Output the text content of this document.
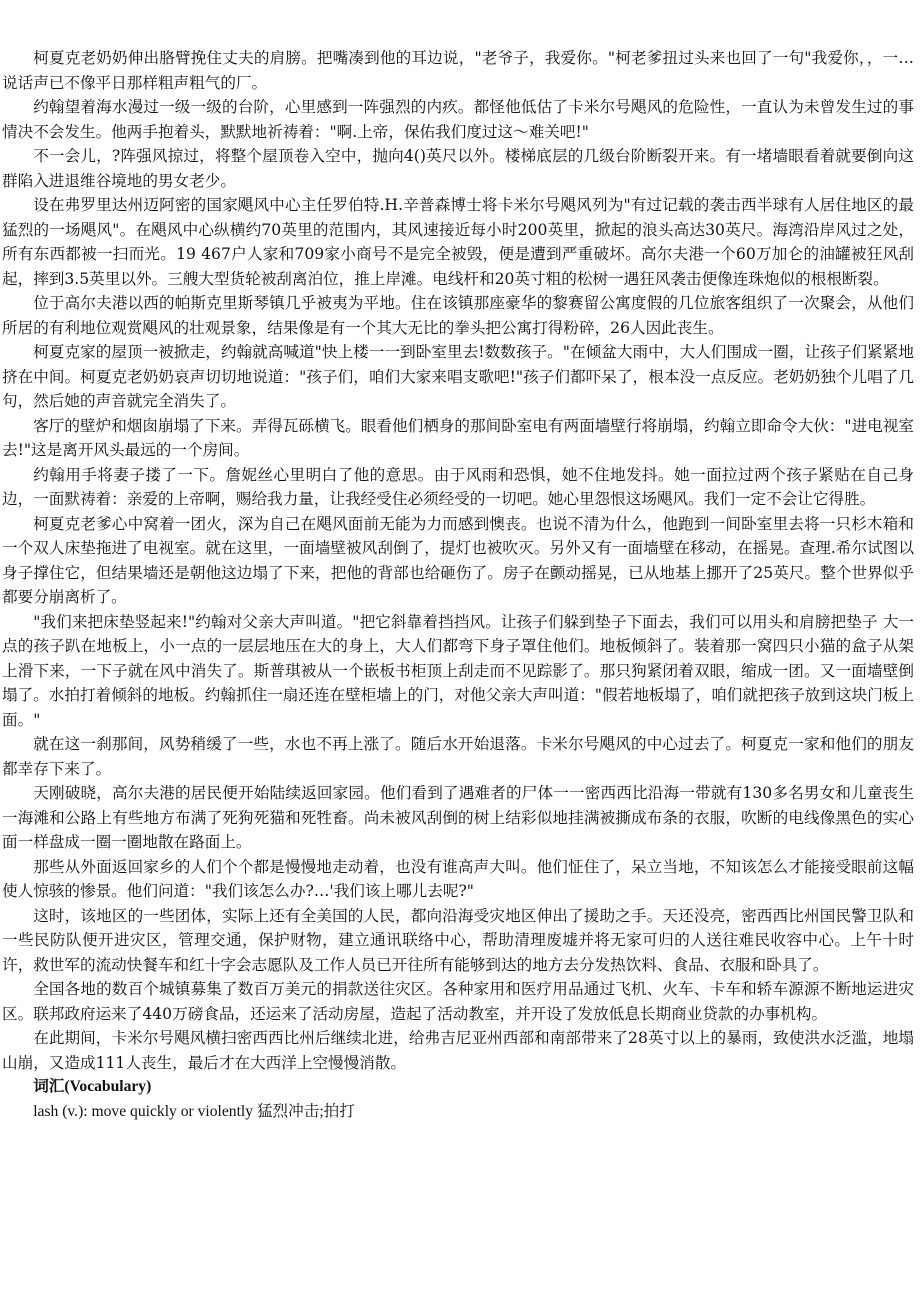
柯夏克老奶奶伸出胳臂挽住丈夫的肩膀。把嘴凑到他的耳边说，"老爷子，我爱你。"柯老爹扭过头来也回了一句"我爱你，，一…说话声已不像平日那样粗声粗气的厂。

约翰望着海水漫过一级一级的台阶，心里感到一阵强烈的内疚。都怪他低估了卡米尔号飓风的危险性，一直认为未曾发生过的事情决不会发生。他两手抱着头，默默地祈祷着："啊.上帝，保佑我们度过这～难关吧!"

不一会儿，?阵强风掠过，将整个屋顶卷入空中，抛向4()英尺以外。楼梯底层的几级台阶断裂开来。有一堵墙眼看着就要倒向这群陷入进退维谷境地的男女老少。

设在弗罗里达州迈阿密的国家飓风中心主任罗伯特.H.辛普森博士将卡米尔号飓风列为"有过记载的袭击西半球有人居住地区的最猛烈的一场飓风"。在飓风中心纵横约70英里的范围内，其风速接近每小时200英里，掀起的浪头高达30英尺。海湾沿岸风过之处，所有东西都被一扫而光。19 467户人家和709家小商号不是完全被毁，便是遭到严重破坏。高尔夫港一个60万加仑的油罐被狂风刮起，摔到3.5英里以外。三艘大型货轮被刮离泊位，推上岸滩。电线杆和20英寸粗的松树一遇狂风袭击便像连珠炮似的根根断裂。

位于高尔夫港以西的帕斯克里斯琴镇几乎被夷为平地。住在该镇那座豪华的黎赛留公寓度假的几位旅客组织了一次聚会，从他们所居的有利地位观赏飓风的壮观景象，结果像是有一个其大无比的拳头把公寓打得粉碎，26人因此丧生。

柯夏克家的屋顶一被掀走，约翰就高喊道"快上楼一一到卧室里去!数数孩子。"在倾盆大雨中，大人们围成一圈，让孩子们紧紧地挤在中间。柯夏克老奶奶哀声切切地说道："孩子们，咱们大家来唱支歌吧!"孩子们都吓呆了，根本没一点反应。老奶奶独个儿唱了几句，然后她的声音就完全消失了。

客厅的壁炉和烟囱崩塌了下来。弄得瓦砾横飞。眼看他们栖身的那间卧室电有两面墙壁行将崩塌，约翰立即命令大伙："进电视室去!"这是离开风头最远的一个房间。

约翰用手将妻子搂了一下。詹妮丝心里明白了他的意思。由于风雨和恐惧，她不住地发抖。她一面拉过两个孩子紧贴在自己身边，一面默祷着：亲爱的上帝啊，赐给我力量，让我经受住必须经受的一切吧。她心里怨恨这场飓风。我们一定不会让它得胜。

柯夏克老爹心中窝着一团火，深为自己在飓风面前无能为力而感到懊丧。也说不清为什么，他跑到一间卧室里去将一只杉木箱和一个双人床垫拖进了电视室。就在这里，一面墙壁被风刮倒了，提灯也被吹灭。另外又有一面墙壁在移动，在摇晃。查理.希尔试图以身子撑住它，但结果墙还是朝他这边塌了下来，把他的背部也给砸伤了。房子在颤动摇晃，已从地基上挪开了25英尺。整个世界似乎都要分崩离析了。

"我们来把床垫竖起来!"约翰对父亲大声叫道。"把它斜靠着挡挡风。让孩子们躲到垫子下面去，我们可以用头和肩膀把垫子 大一点的孩子趴在地板上，小一点的一层层地压在大的身上，大人们都弯下身子罩住他们。地板倾斜了。装着那一窝四只小猫的盒子从架上滑下来，一下子就在风中消失了。斯普琪被从一个嵌板书柜顶上刮走而不见踪影了。那只狗紧闭着双眼，缩成一团。又一面墙壁倒塌了。水拍打着倾斜的地板。约翰抓住一扇还连在壁柜墙上的门，对他父亲大声叫道："假若地板塌了，咱们就把孩子放到这块门板上面。"

就在这一刹那间，风势稍缓了一些，水也不再上涨了。随后水开始退落。卡米尔号飓风的中心过去了。柯夏克一家和他们的朋友都幸存下来了。

天刚破晓，高尔夫港的居民便开始陆续返回家园。他们看到了遇难者的尸体一一密西西比沿海一带就有130多名男女和儿童丧生一海滩和公路上有些地方布满了死狗死猫和死牲畜。尚未被风刮倒的树上结彩似地挂满被撕成布条的衣服，吹断的电线像黑色的实心面一样盘成一圈一圈地散在路面上。

那些从外面返回家乡的人们个个都是慢慢地走动着，也没有谁高声大叫。他们怔住了，呆立当地，不知该怎么才能接受眼前这幅使人惊骇的惨景。他们问道："我们该怎么办?…'我们该上哪儿去呢?"

这时，该地区的一些团体，实际上还有全美国的人民，都向沿海受灾地区伸出了援助之手。天还没亮，密西西比州国民警卫队和一些民防队便开进灾区，管理交通，保护财物，建立通讯联络中心，帮助清理废墟并将无家可归的人送往难民收容中心。上午十时许，救世军的流动快餐车和红十字会志愿队及工作人员已开往所有能够到达的地方去分发热饮料、食品、衣服和卧具了。

全国各地的数百个城镇募集了数百万美元的捐款送往灾区。各种家用和医疗用品通过飞机、火车、卡车和轿车源源不断地运进灾区。联邦政府运来了440万磅食品，还运来了活动房屋，造起了活动教室，并开设了发放低息长期商业贷款的办事机构。

在此期间，卡米尔号飓风横扫密西西比州后继续北进，给弗吉尼亚州西部和南部带来了28英寸以上的暴雨，致使洪水泛滥，地塌山崩，又造成111人丧生，最后才在大西洋上空慢慢消散。

词汇(Vocabulary)

lash (v.): move quickly or violently 猛烈冲击;拍打
